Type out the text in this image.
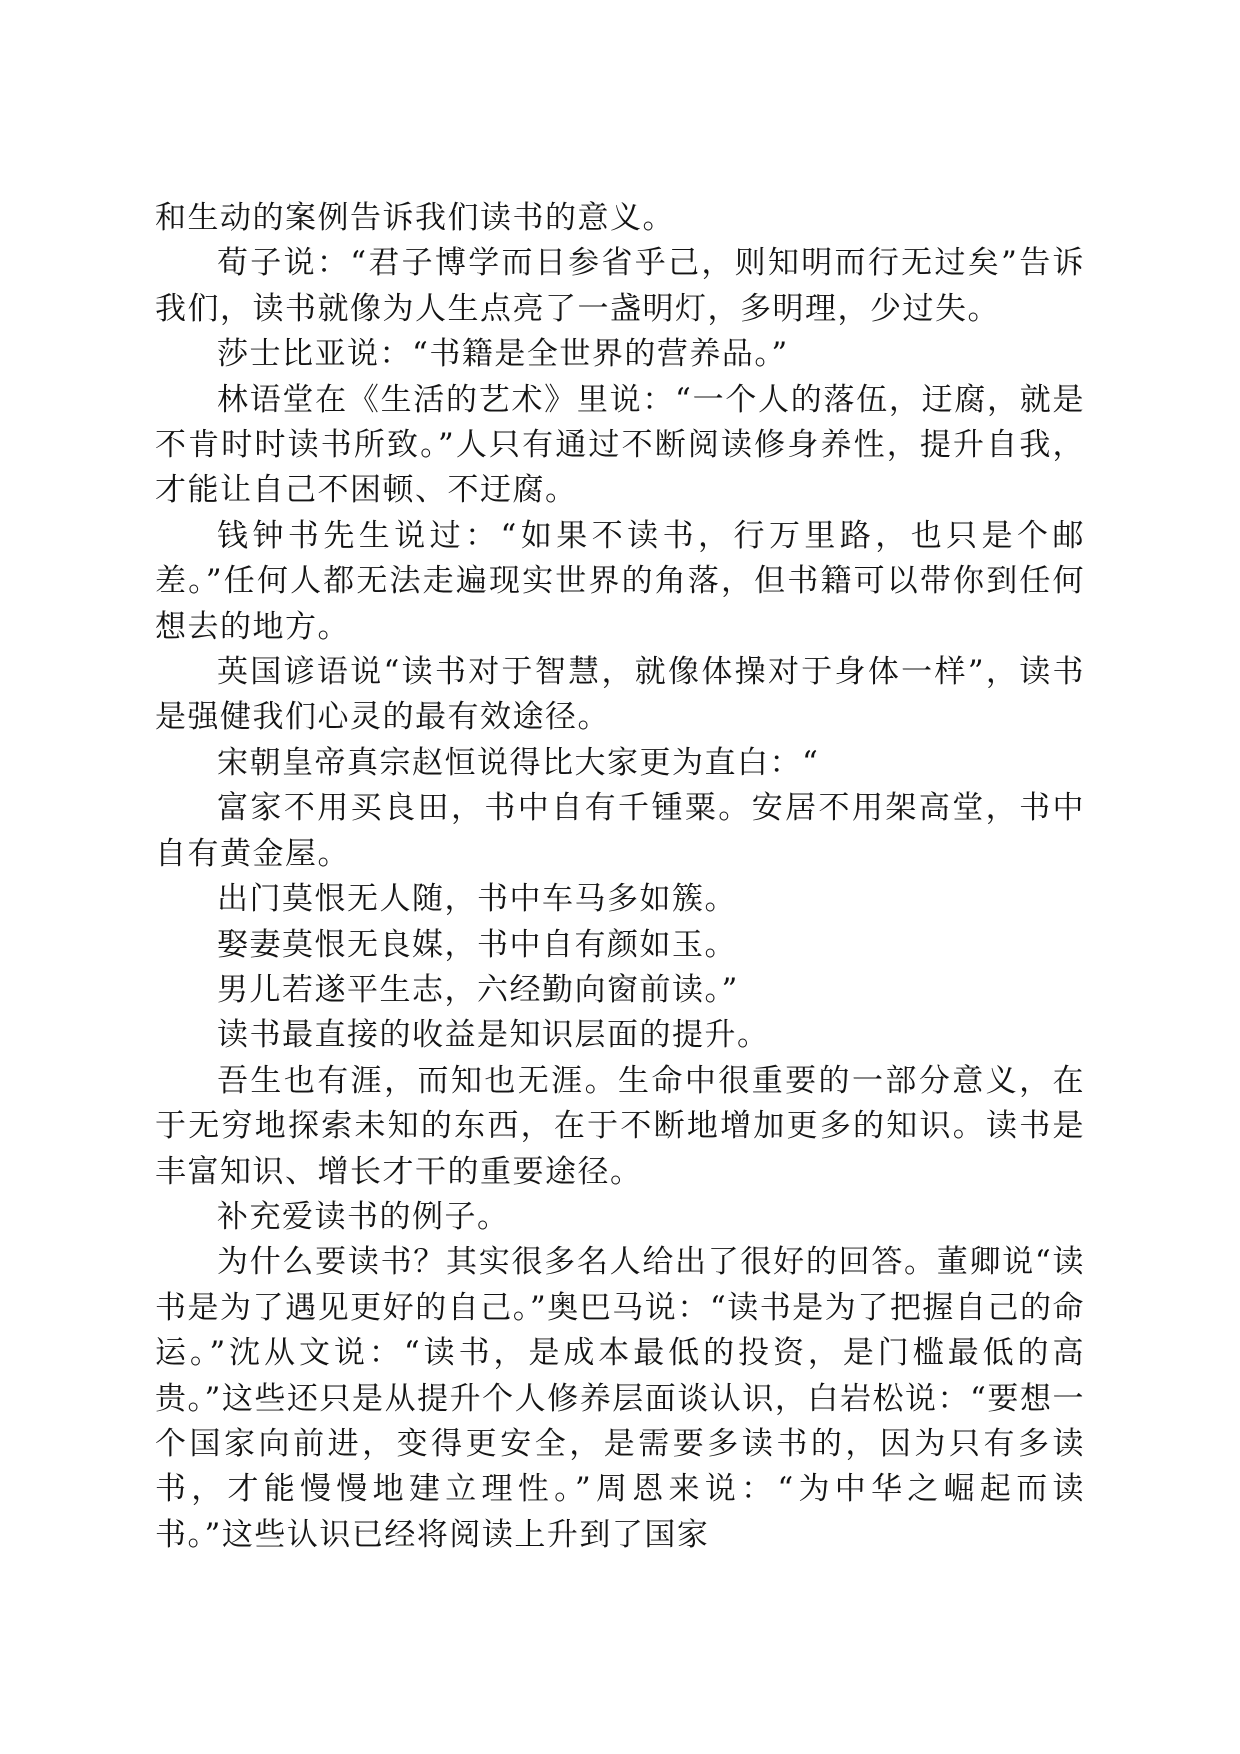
和生动的案例告诉我们读书的意义。

荀子说：“君子博学而日参省乎己，则知明而行无过矣”告诉我们，读书就像为人生点亮了一盏明灯，多明理，少过失。

莎士比亚说：“书籍是全世界的营养品。”

林语堂在《生活的艺术》里说：“一个人的落伍，迂腐，就是不肯时时读书所致。”人只有通过不断阅读修身养性，提升自我，才能让自己不困顿、不迂腐。

钱钟书先生说过：“如果不读书，行万里路，也只是个邮差。”任何人都无法走遍现实世界的角落，但书籍可以带你到任何想去的地方。

英国谚语说“读书对于智慧，就像体操对于身体一样”，读书是强健我们心灵的最有效途径。

宋朝皇帝真宗赵恒说得比大家更为直白：“

富家不用买良田，书中自有千锺粟。安居不用架高堂，书中自有黄金屋。

出门莫恨无人随，书中车马多如簇。

娶妻莫恨无良媒，书中自有颜如玉。

男儿若遂平生志，六经勤向窗前读。”

读书最直接的收益是知识层面的提升。

吾生也有涯，而知也无涯。生命中很重要的一部分意义，在于无穷地探索未知的东西，在于不断地增加更多的知识。读书是丰富知识、增长才干的重要途径。

补充爱读书的例子。

为什么要读书？其实很多名人给出了很好的回答。董卿说“读书是为了遇见更好的自己。”奥巴马说：“读书是为了把握自己的命运。”沈从文说：“读书，是成本最低的投资，是门槛最低的高贵。”这些还只是从提升个人修养层面谈认识，白岩松说：“要想一个国家向前进，变得更安全，是需要多读书的，因为只有多读书，才能慢慢地建立理性。”周恩来说：“为中华之崛起而读书。”这些认识已经将阅读上升到了国家
